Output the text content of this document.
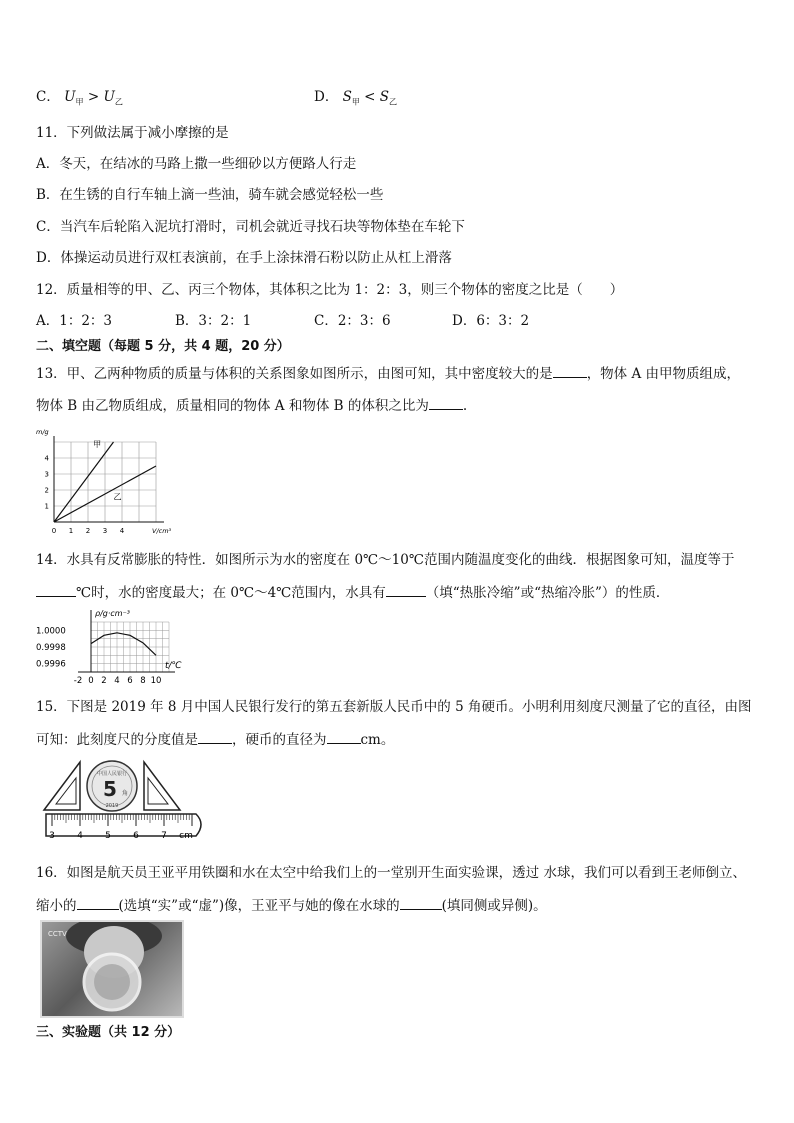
C． $U_甲 > U_乙$	D． $S_甲 < S_乙$
11．下列做法属于减小摩擦的是
A．冬天，在结冰的马路上撒一些细砂以方便路人行走
B．在生锈的自行车轴上滴一些油，骑车就会感觉轻松一些
C．当汽车后轮陷入泥坑打滑时，司机会就近寻找石块等物体垫在车轮下
D．体操运动员进行双杠表演前，在手上涂抹滑石粉以防止从杠上滑落
12．质量相等的甲、乙、丙三个物体，其体积之比为 1：2：3，则三个物体的密度之比是（　　）
A．1：2：3	B．3：2：1	C．2：3：6	D．6：3：2
二、填空题（每题 5 分，共 4 题，20 分）
13．甲、乙两种物质的质量与体积的关系图象如图所示，由图可知，其中密度较大的是	，物体 A 由甲物质组成，
物体 B 由乙物质组成，质量相同的物体 A 和物体 B 的体积之比为	.
0 1 2 3 4
1
2
3
4
m/g
V/cm³
甲
乙
14．水具有反常膨胀的特性．如图所示为水的密度在 0℃～10℃范围内随温度变化的曲线．根据图象可知，温度等于
℃时，水的密度最大；在 0℃～4℃范围内，水具有	（填“热胀冷缩”或“热缩冷胀”）的性质．
-2 0 2 4 6 8 10
1.0000
0.9998
0.9996
ρ/g·cm⁻³
t/℃
15．下图是 2019 年 8 月中国人民银行发行的第五套新版人民币中的 5 角硬币。小明利用刻度尺测量了它的直径，由图
可知：此刻度尺的分度值是	，硬币的直径为	cm。
中国人民银行
5 角
2019
3 4 5 6 7 cm
16．如图是航天员王亚平用铁圈和水在太空中给我们上的一堂别开生面实验课，透过 水球，我们可以看到王老师倒立、
缩小的	(选填“实”或“虚”)像，王亚平与她的像在水球的	(填同侧或异侧)。
CCTV
三、实验题（共 12 分）
